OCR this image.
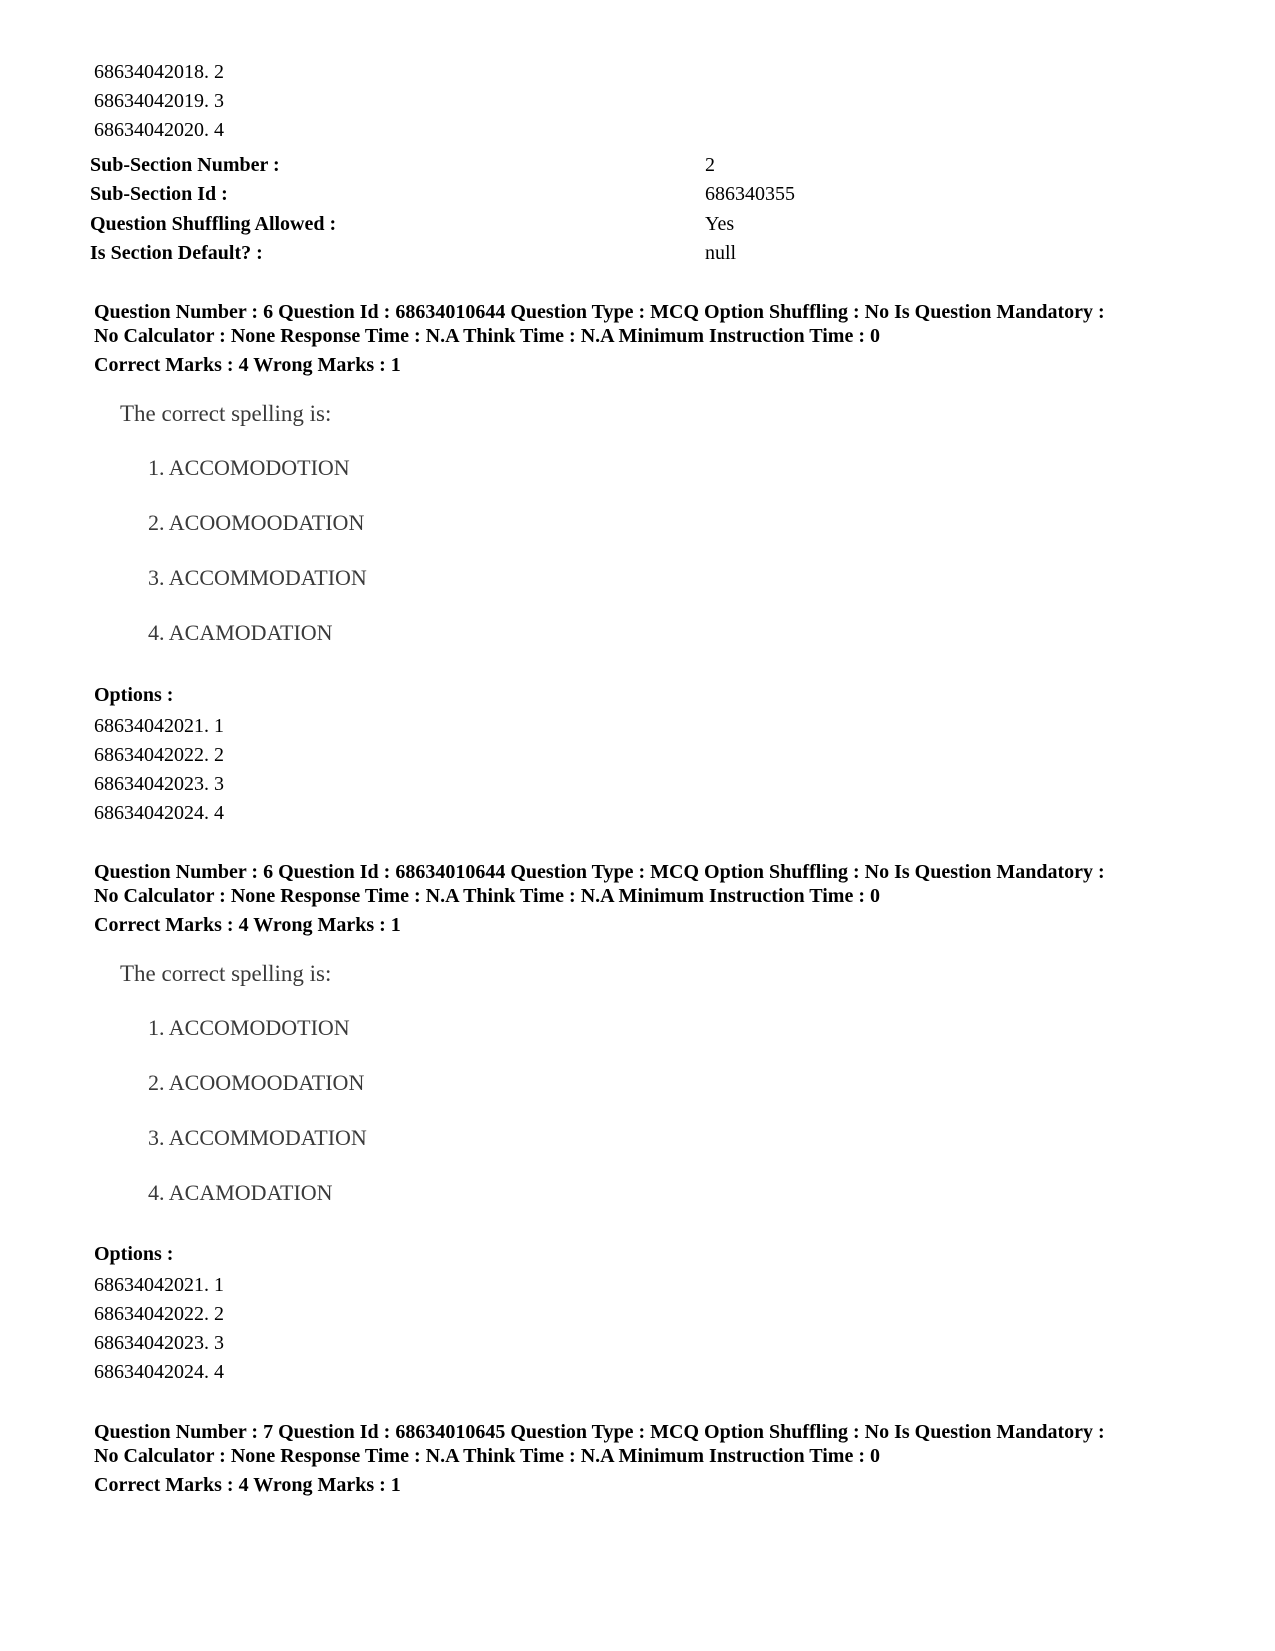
68634042018. 2
68634042019. 3
68634042020. 4
Sub-Section Number :	2
Sub-Section Id :	686340355
Question Shuffling Allowed :	Yes
Is Section Default? :	null
Question Number : 6 Question Id : 68634010644 Question Type : MCQ Option Shuffling : No Is Question Mandatory :
No Calculator : None Response Time : N.A Think Time : N.A Minimum Instruction Time : 0
Correct Marks : 4 Wrong Marks : 1
The correct spelling is:
1. ACCOMODOTION
2. ACOOMOODATION
3. ACCOMMODATION
4. ACAMODATION
Options :
68634042021. 1
68634042022. 2
68634042023. 3
68634042024. 4
Question Number : 6 Question Id : 68634010644 Question Type : MCQ Option Shuffling : No Is Question Mandatory :
No Calculator : None Response Time : N.A Think Time : N.A Minimum Instruction Time : 0
Correct Marks : 4 Wrong Marks : 1
The correct spelling is:
1. ACCOMODOTION
2. ACOOMOODATION
3. ACCOMMODATION
4. ACAMODATION
Options :
68634042021. 1
68634042022. 2
68634042023. 3
68634042024. 4
Question Number : 7 Question Id : 68634010645 Question Type : MCQ Option Shuffling : No Is Question Mandatory :
No Calculator : None Response Time : N.A Think Time : N.A Minimum Instruction Time : 0
Correct Marks : 4 Wrong Marks : 1
